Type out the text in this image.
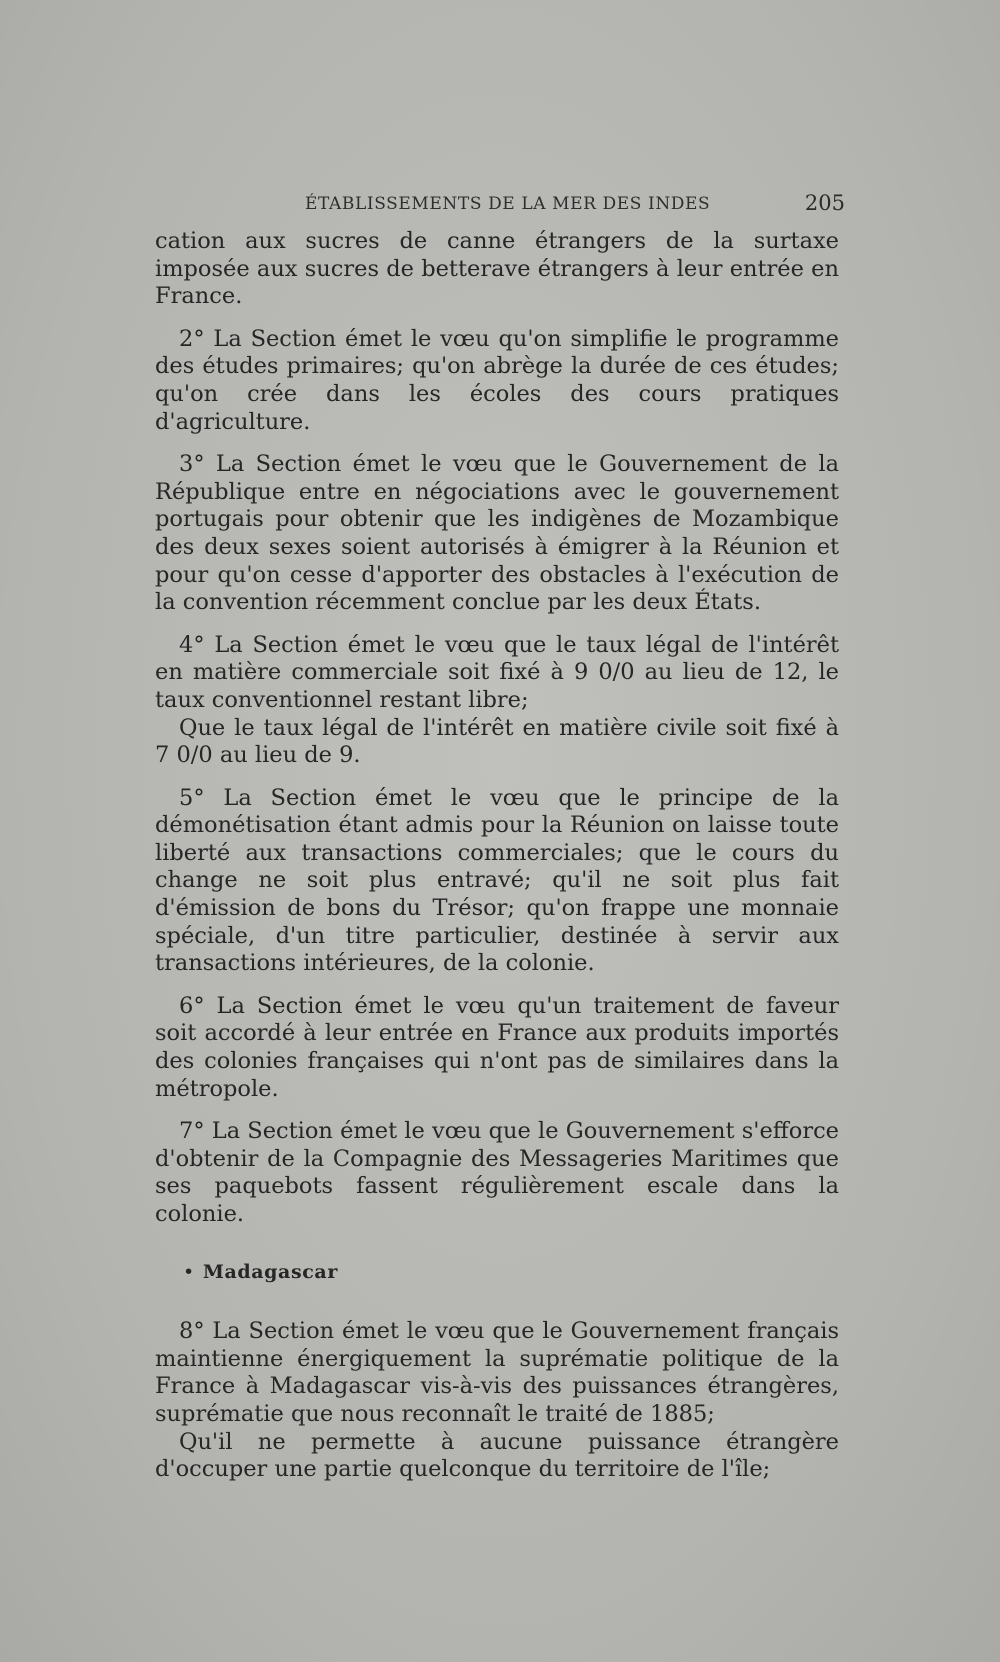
ÉTABLISSEMENTS DE LA MER DES INDES	205

cation aux sucres de canne étrangers de la surtaxe imposée aux sucres de betterave étrangers à leur entrée en France.

2° La Section émet le vœu qu'on simplifie le programme des études primaires; qu'on abrège la durée de ces études; qu'on crée dans les écoles des cours pratiques d'agriculture.

3° La Section émet le vœu que le Gouvernement de la République entre en négociations avec le gouvernement portugais pour obtenir que les indigènes de Mozambique des deux sexes soient autorisés à émigrer à la Réunion et pour qu'on cesse d'apporter des obstacles à l'exécution de la convention récemment conclue par les deux États.

4° La Section émet le vœu que le taux légal de l'intérêt en matière commerciale soit fixé à 9 0/0 au lieu de 12, le taux conventionnel restant libre;

Que le taux légal de l'intérêt en matière civile soit fixé à 7 0/0 au lieu de 9.

5° La Section émet le vœu que le principe de la démonétisation étant admis pour la Réunion on laisse toute liberté aux transactions commerciales; que le cours du change ne soit plus entravé; qu'il ne soit plus fait d'émission de bons du Trésor; qu'on frappe une monnaie spéciale, d'un titre particulier, destinée à servir aux transactions intérieures, de la colonie.

6° La Section émet le vœu qu'un traitement de faveur soit accordé à leur entrée en France aux produits importés des colonies françaises qui n'ont pas de similaires dans la métropole.

7° La Section émet le vœu que le Gouvernement s'efforce d'obtenir de la Compagnie des Messageries Maritimes que ses paquebots fassent régulièrement escale dans la colonie.

• Madagascar

8° La Section émet le vœu que le Gouvernement français maintienne énergiquement la suprématie politique de la France à Madagascar vis-à-vis des puissances étrangères, suprématie que nous reconnaît le traité de 1885;

Qu'il ne permette à aucune puissance étrangère d'occuper une partie quelconque du territoire de l'île;
